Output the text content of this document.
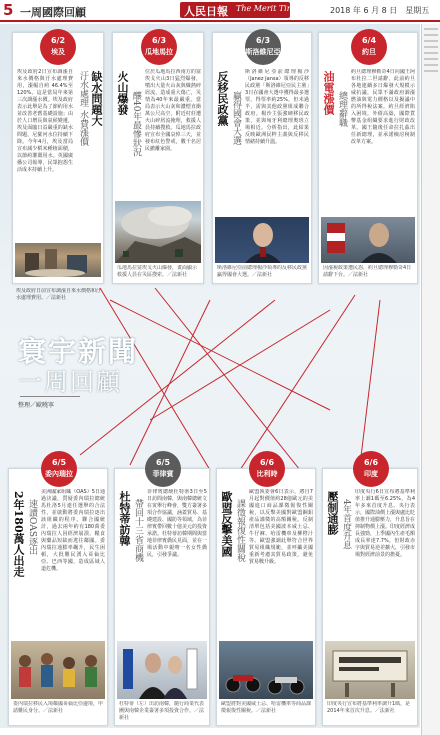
5 一周國際回顧	人民日報 The Merit Times	2018 年 6 月 8 日　星期五
6/2
埃及
缺水問題大
汙水處理 水費漲價
埃及政府2日宣布調漲自來水價格與汙水處理費用，漲幅自約 46.4%至 120%。這是當局年來第三次調漲水價。埃及政府表示此舉是為了節約用水並改善老舊基礎設施；由於人口增長與氣候變遷，埃及面臨日益嚴重的缺水問題，尼羅河水位持續下降。今年4月，埃及當局宣布減少稻米種植面積，以節約灌溉用水。英國廣播公司報導，民眾抱怨生活成本持續上升。
6/3
瓜地馬拉
火山爆發 釀40年最慘狀況
位於瓜地馬拉西南方的富埃戈火山3日猛烈爆發，噴出大量火山灰與熾熱碎屑流，造成重大傷亡，災情為40年來最嚴重。當局表示火山灰和濃煙直衝萬公尺高空，附近村莊遭火山碎屑流掩埋，救援人員持續搜救。瓜地馬拉政府宣布全國哀悼三天，並發布紅色警戒，數千名居民撤離家園。
瓜地馬拉富埃戈火山爆發，畫面顯示救援人員在災區搜索。／法新社
6/3
斯洛維尼亞
反移民政黨 贏得國會大選
斯洛維尼亞前總理楊沙（Janez Jansa）領導的反移民政黨「斯洛維尼亞民主黨」3日在國會大選中獲得最多選票，得票率約25%，但未過半，需與其他政黨組成聯合政府。楊沙主張強硬移民政策，並與匈牙利總理奧班立場相近。分析指出，此結果反映歐洲民粹主義與反移民情緒持續升溫。
斯洛維尼亞前總理楊沙領導的反移民政黨贏得國會大選。／法新社
6/4
約旦
油電漲價 總理辭職
約旦總理穆勒奇4日向國王阿布杜拉二世請辭，此前約旦各地連續多日爆發大規模示威抗議，民眾不滿政府調漲燃油與電力價格以及擬議中的所得稅法案。約旦經濟陷入困境，外債高築，國際貨幣基金組織要求進行財政改革。國王隨後任命拉扎茲出任新總理，並承諾檢討稅制改革方案。
因漲稅政策遭民怨，約旦總理穆勒奇4日請辭下台。／法新社
埃及政府日前宣布調漲自來水價格和汙水處理費用。／法新社
寰宇新聞
一周回顧
整理／歐曉寧
6/5
委內瑞拉
2年180萬人出走 速讀OAS逐出
美洲國家組織（OAS）5日通過決議，質疑委內瑞拉總統馬杜洛5月連任選舉的合法性，並啟動將委內瑞拉逐出該組織的程序。聯合國統計，過去兩年約有180萬委內瑞拉人因經濟崩潰、糧食與藥品短缺而逃往鄰國。委內瑞拉通膨率飆升，民生困頓，大批難民湧入哥倫比亞、巴西等國，造成區域人道危機。
委內瑞拉移民入境鄰國哥倫比亞邊境，申請難民身分。／法新社
6/5
菲律賓
杜特蒂訪韓 帶回十三省商機
菲律賓總統杜特蒂3日至5日訪問南韓，與南韓總統文在寅舉行峰會，雙方簽署多項合作協議，涵蓋貿易、基礎建設、國防等領域，為菲律賓帶回數十億美元的投資承諾。杜特蒂訪韓期間與當地菲律賓僑民見面，並在一場活動中親吻一名女性僑民，引發爭議。
杜特蒂（左）出訪南韓，隨行商業代表團與南韓企業簽署多項投資合作。／法新社
6/6
比利時
歐盟反擊美國 課徵報復性關稅
歐盟執委會6日表示，將自7月起對價值約28億歐元的美國進口商品課徵報復性關稅，以反擊美國對歐盟鋼鋁產品課徵的高額關稅。反制清單包括美國波本威士忌、牛仔褲、哈雷機車及柳橙汁等。歐盟強調此舉符合世界貿易組織規範，並呼籲美國重新考慮其貿易政策，避免貿易戰升級。
歐盟將對美國威士忌、哈雷機車等商品課徵報復性關稅。／法新社
6/6
印度
壓制通膨 4年首度升息
印度央行6日宣布將基準利率上調1碼至6.25%，為4年多來首度升息。央行表示，國際油價上漲與盧比貶值推升通膨壓力，升息旨在抑制物價上漲。印度經濟成長強勁，上季國內生產毛額成長率達7.7%，但財政赤字與貿易逆差擴大，引發市場對經濟前景的擔憂。
印度央行宣布將基準利率調升1碼，是2014年來首次升息。／法新社
